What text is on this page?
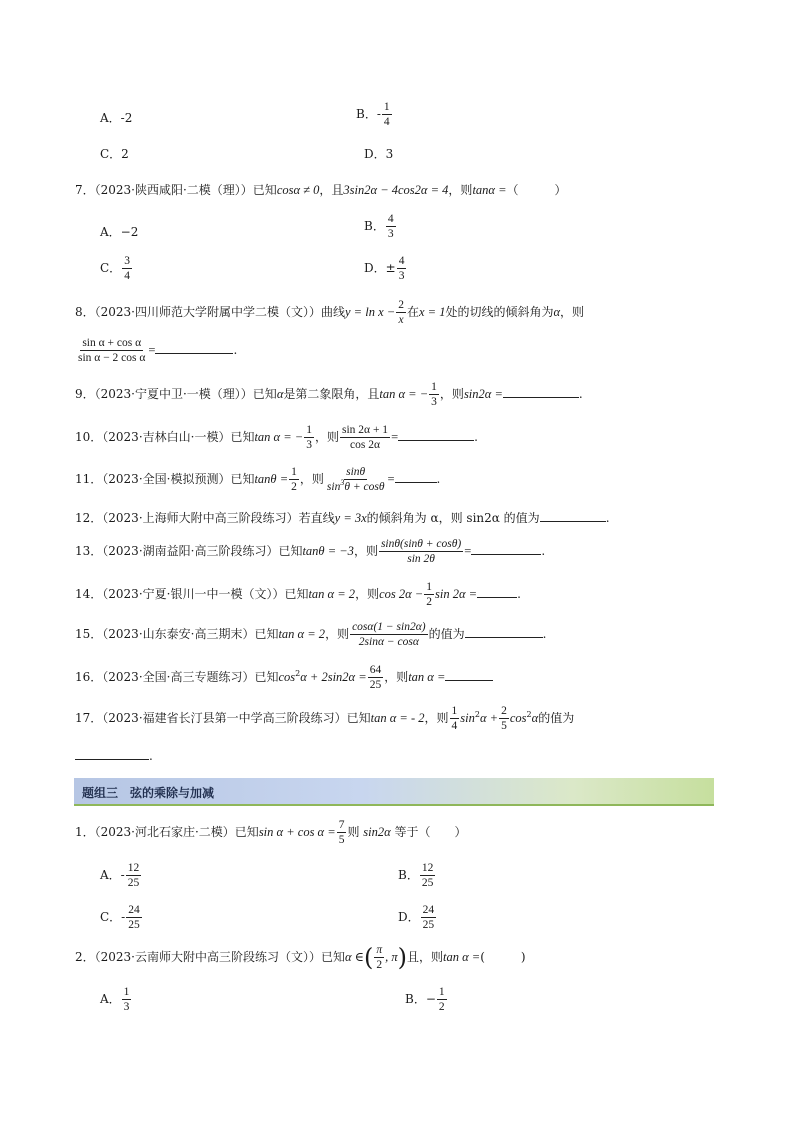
A．-2	B．- $\frac{1}{4}$
C．2	D．3
7．（2023·陕西咸阳·二模（理））已知cosα ≠ 0，且3sin2α − 4cos2α = 4，则tanα =（　　　）
A．−2	B． $\frac{4}{3}$
C． $\frac{3}{4}$	D．± $\frac{4}{3}$
8．（2023·四川师范大学附属中学二模（文））曲线$y = \ln x - \frac{2}{x}$ 在x = 1处的切线的倾斜角为α，则
$\frac{\text{sin α + cos α}}{\text{sin α − 2 cos α}}$ =	.
9．（2023·宁夏中卫·一模（理））已知α是第二象限角，且tan α = − $\frac{1}{3}$ ，则sin2α =	.
10．（2023·吉林白山·一模）已知tan α = − $\frac{1}{3}$ ，则 $\frac{\sin 2\alpha + 1}{\cos 2\alpha}$ =	.
11．（2023·全国·模拟预测）已知$\tan\theta = \frac{1}{2}$ ，则 $\frac{\sin\theta}{\sin^3\theta + \cos\theta}$ =	.
12．（2023·上海师大附中高三阶段练习）若直线y = 3x的倾斜角为 α，则 sin2α 的值为	.
13．（2023·湖南益阳·高三阶段练习）已知tanθ = −3，则 $\frac{\sin\theta(\sin\theta + \cos\theta)}{\sin 2\theta}$ =	.
14．（2023·宁夏·银川一中一模（文））已知tan α = 2，则$\cos 2\alpha - \frac{1}{2}$ sin 2α =	.
15．（2023·山东泰安·高三期末）已知tan α = 2，则 $\frac{\cos\alpha(1 - \sin 2\alpha)}{2\sin\alpha - \cos\alpha}$ 的值为	.
16．（2023·全国·高三专题练习）已知$\cos^2\alpha + 2\sin 2\alpha = \frac{64}{25}$ ，则tan α =
17．（2023·福建省长汀县第一中学高三阶段练习）已知tan α = - 2，则 $\frac{1}{4} \sin^2\alpha + \frac{2}{5} \cos^2\alpha$的值为
.
题组三　弦的乘除与加减
1．（2023·河北石家庄·二模）已知$\sin \alpha + \cos \alpha = \frac{7}{5}$ 则 sin2α 等于（　　）
A．- $\frac{12}{25}$	B． $\frac{12}{25}$
C．- $\frac{24}{25}$	D． $\frac{24}{25}$
2．（2023·云南师大附中高三阶段练习（文））已知α ∈( $\frac{\pi}{2}$ , π)且，则tan α =(　　　)
A． $\frac{1}{3}$	B．− $\frac{1}{2}$
